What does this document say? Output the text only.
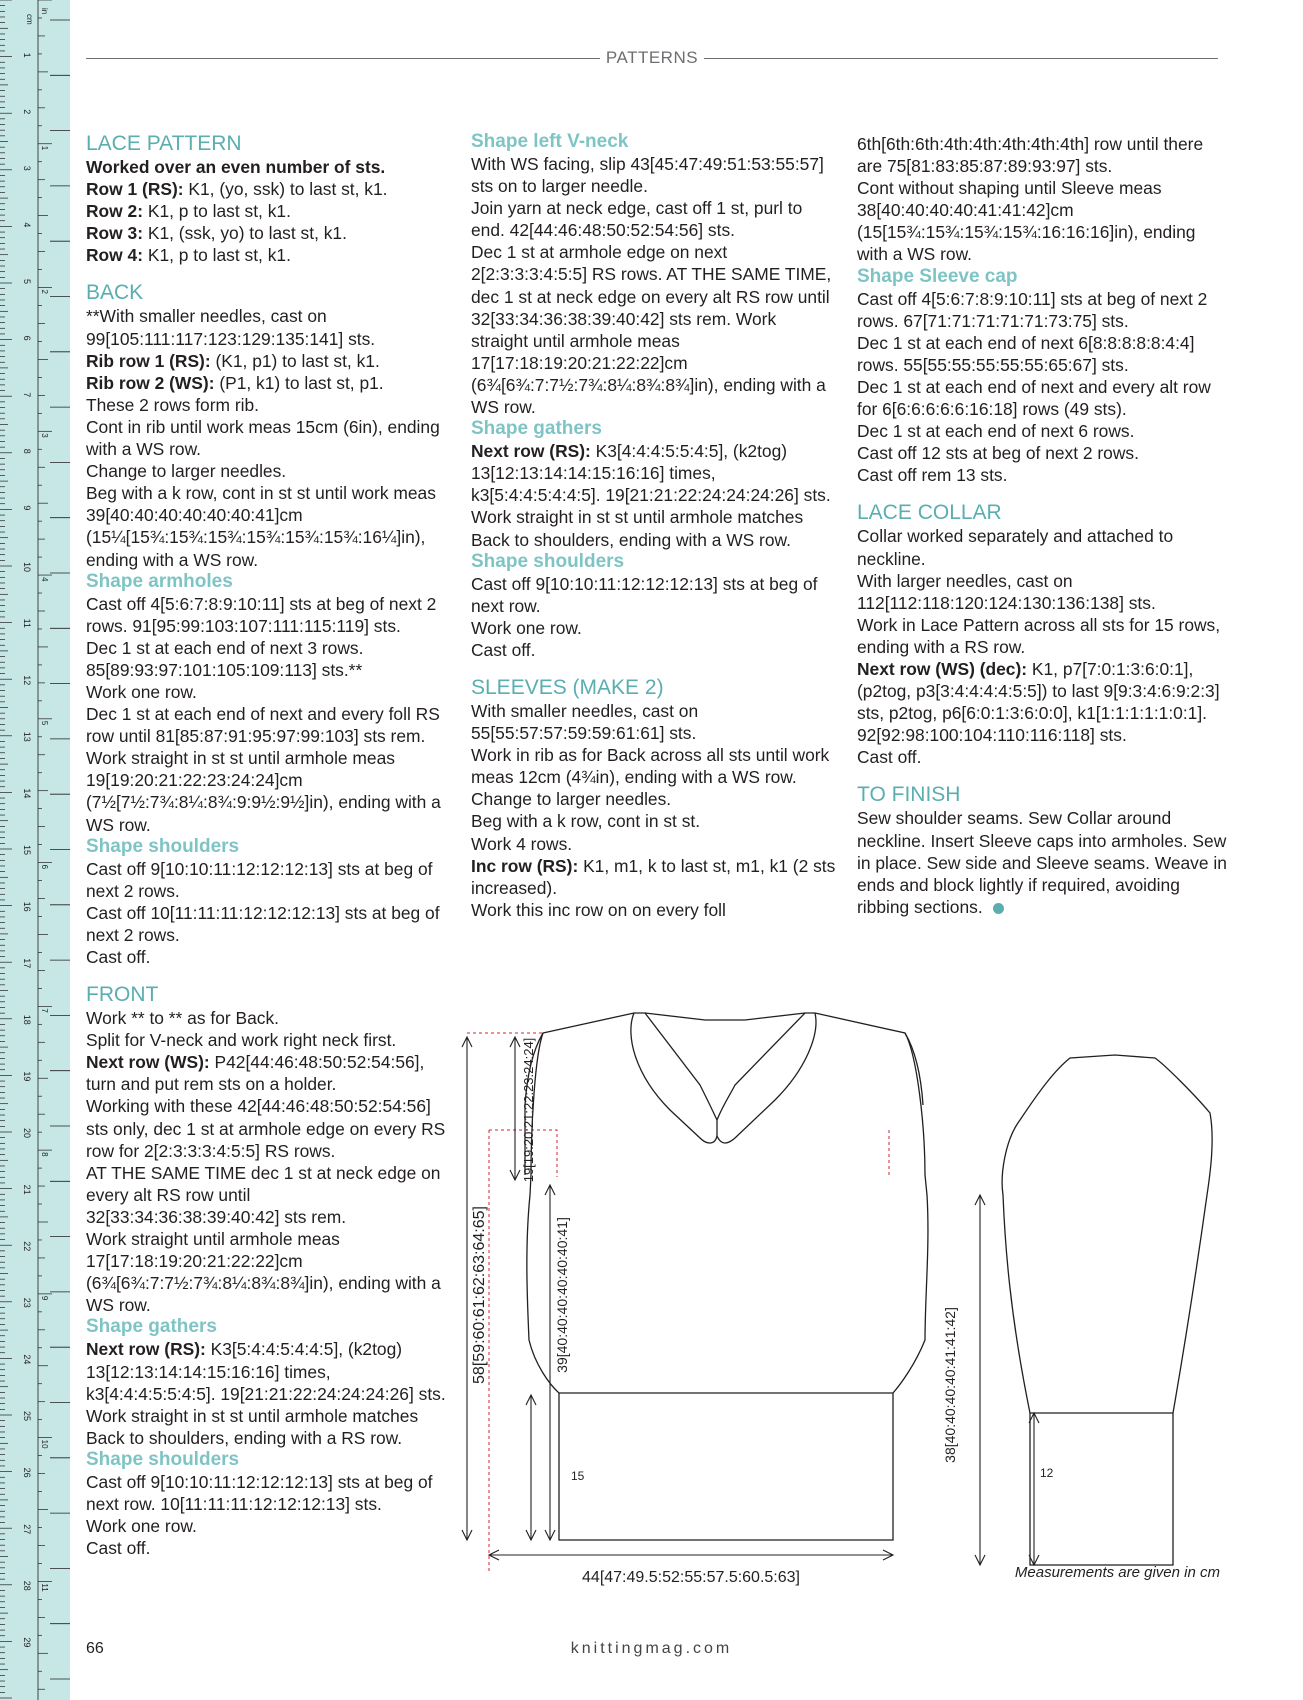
cm
in
1
2
3
4
5
6
7
8
9
10
11
12
13
14
15
16
17
18
19
20
21
22
23
24
25
26
27
28
29
1
2
3
4
5
6
7
8
9
10
11
PATTERNS
LACE PATTERN

Worked over an even number of sts.

Row 1 (RS): K1, (yo, ssk) to last st, k1.

Row 2: K1, p to last st, k1.

Row 3: K1, (ssk, yo) to last st, k1.

Row 4: K1, p to last st, k1.

BACK

**With smaller needles, cast on 99[105:111:117:123:129:135:141] sts.

Rib row 1 (RS): (K1, p1) to last st, k1.

Rib row 2 (WS): (P1, k1) to last st, p1.

These 2 rows form rib.

Cont in rib until work meas 15cm (6in), ending with a WS row.

Change to larger needles.

Beg with a k row, cont in st st until work meas 39[40:40:40:40:40:40:41]cm (15¼[15¾:15¾:15¾:15¾:15¾:15¾:16¼]in), ending with a WS row.

Shape armholes

Cast off 4[5:6:7:8:9:10:11] sts at beg of next 2 rows. 91[95:99:103:107:111:115:119] sts.

Dec 1 st at each end of next 3 rows. 85[89:93:97:101:105:109:113] sts.**

Work one row.

Dec 1 st at each end of next and every foll RS row until 81[85:87:91:95:97:99:103] sts rem.

Work straight in st st until armhole meas 19[19:20:21:22:23:24:24]cm (7½[7½:7¾:8¼:8¾:9:9½:9½]in), ending with a WS row.

Shape shoulders

Cast off 9[10:10:11:12:12:12:13] sts at beg of next 2 rows.

Cast off 10[11:11:11:12:12:12:13] sts at beg of next 2 rows.

Cast off.

FRONT

Work ** to ** as for Back.

Split for V-neck and work right neck first.

Next row (WS): P42[44:46:48:50:52:54:56], turn and put rem sts on a holder.

Working with these 42[44:46:48:50:52:54:56] sts only, dec 1 st at armhole edge on every RS row for 2[2:3:3:3:4:5:5] RS rows.

AT THE SAME TIME dec 1 st at neck edge on every alt RS row until 32[33:34:36:38:39:40:42] sts rem.

Work straight until armhole meas 17[17:18:19:20:21:22:22]cm (6¾[6¾:7:7½:7¾:8¼:8¾:8¾]in), ending with a WS row.

Shape gathers

Next row (RS): K3[5:4:4:5:4:4:5], (k2tog) 13[12:13:14:14:15:16:16] times, k3[4:4:4:5:5:4:5]. 19[21:21:22:24:24:24:26] sts.

Work straight in st st until armhole matches Back to shoulders, ending with a RS row.

Shape shoulders

Cast off 9[10:10:11:12:12:12:13] sts at beg of next row. 10[11:11:11:12:12:12:13] sts.

Work one row.

Cast off.

Shape left V-neck

With WS facing, slip 43[45:47:49:51:53:55:57] sts on to larger needle.

Join yarn at neck edge, cast off 1 st, purl to end. 42[44:46:48:50:52:54:56] sts.

Dec 1 st at armhole edge on next 2[2:3:3:3:4:5:5] RS rows. AT THE SAME TIME, dec 1 st at neck edge on every alt RS row until 32[33:34:36:38:39:40:42] sts rem. Work straight until armhole meas 17[17:18:19:20:21:22:22]cm (6¾[6¾:7:7½:7¾:8¼:8¾:8¾]in), ending with a WS row.

Shape gathers

Next row (RS): K3[4:4:4:5:5:4:5], (k2tog) 13[12:13:14:14:15:16:16] times, k3[5:4:4:5:4:4:5]. 19[21:21:22:24:24:24:26] sts.

Work straight in st st until armhole matches Back to shoulders, ending with a WS row.

Shape shoulders

Cast off 9[10:10:11:12:12:12:13] sts at beg of next row.

Work one row.

Cast off.

SLEEVES (MAKE 2)

With smaller needles, cast on 55[55:57:57:59:59:61:61] sts.

Work in rib as for Back across all sts until work meas 12cm (4¾in), ending with a WS row.

Change to larger needles.

Beg with a k row, cont in st st.

Work 4 rows.

Inc row (RS): K1, m1, k to last st, m1, k1 (2 sts increased).

Work this inc row on on every foll

6th[6th:6th:4th:4th:4th:4th:4th] row until there are 75[81:83:85:87:89:93:97] sts.

Cont without shaping until Sleeve meas 38[40:40:40:40:41:41:42]cm (15[15¾:15¾:15¾:15¾:16:16:16]in), ending with a WS row.

Shape Sleeve cap

Cast off 4[5:6:7:8:9:10:11] sts at beg of next 2 rows. 67[71:71:71:71:71:73:75] sts.

Dec 1 st at each end of next 6[8:8:8:8:8:4:4] rows. 55[55:55:55:55:55:65:67] sts.

Dec 1 st at each end of next and every alt row for 6[6:6:6:6:6:16:18] rows (49 sts).

Dec 1 st at each end of next 6 rows.

Cast off 12 sts at beg of next 2 rows.

Cast off rem 13 sts.

LACE COLLAR

Collar worked separately and attached to neckline.

With larger needles, cast on 112[112:118:120:124:130:136:138] sts.

Work in Lace Pattern across all sts for 15 rows, ending with a RS row.

Next row (WS) (dec): K1, p7[7:0:1:3:6:0:1], (p2tog, p3[3:4:4:4:4:5:5]) to last 9[9:3:4:6:9:2:3] sts, p2tog, p6[6:0:1:3:6:0:0], k1[1:1:1:1:1:0:1]. 92[92:98:100:104:110:116:118] sts.

Cast off.

TO FINISH

Sew shoulder seams. Sew Collar around neckline. Insert Sleeve caps into armholes. Sew in place. Sew side and Sleeve seams. Weave in ends and block lightly if required, avoiding ribbing sections.

58[59:60:61:62:63:64:65]
19[19:20:21:22:23:24:24]
39[40:40:40:40:40:40:41]
15
44[47:49.5:52:55:57.5:60.5:63]
38[40:40:40:40:41:41:42]
12
Measurements are given in cm
66	knittingmag.com
